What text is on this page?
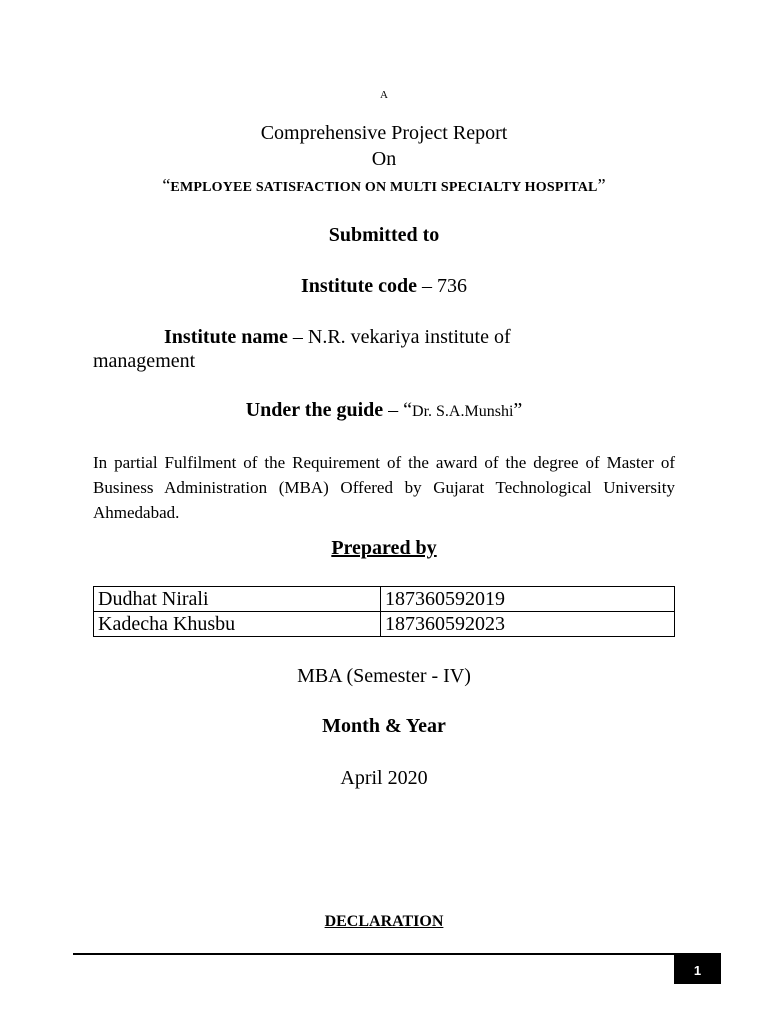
A
Comprehensive Project Report
On
“EMPLOYEE SATISFACTION ON MULTI SPECIALTY HOSPITAL”
Submitted to
Institute code – 736
Institute name – N.R. vekariya institute of
management
Under the guide – “Dr. S.A.Munshi”
In partial Fulfilment of the Requirement of the award of the degree of Master of Business Administration (MBA) Offered by Gujarat Technological University Ahmedabad.
Prepared by
Dudhat Nirali	187360592019
Kadecha Khusbu	187360592023
MBA (Semester - IV)
Month & Year
April 2020
DECLARATION
1
